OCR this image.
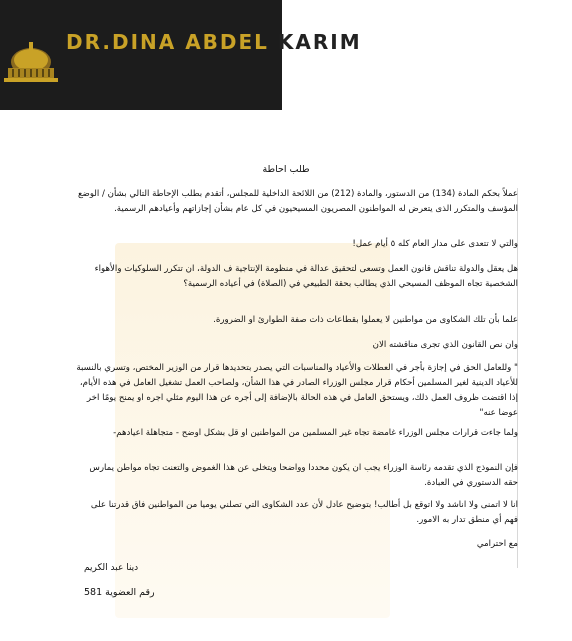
DR.DINA ABDEL KARIM
طلب احاطة
عملاً بحكم المادة (134) من الدستور، والمادة (212) من اللائحة الداخلية للمجلس، أتقدم بطلب الإحاطة التالي بشأن / الوضع المؤسف والمتكرر الذى يتعرض له المواطنون المصريون المسيحيون في كل عام بشأن إجازاتهم وأعيادهم الرسمية.
والتي لا تتعدى على مدار العام كله ٥ أيام عمل!
هل يعقل والدولة تناقش قانون العمل وتسعى لتحقيق عدالة في منظومة الإنتاجية ف الدولة، ان تتكرر السلوكيات والأهواء الشخصية تجاه الموظف المسيحي الذي يطالب بحقة الطبيعي في (الصلاة) في أعياده الرسمية؟
علما بأن تلك الشكاوى من مواطنين لا يعملوا بقطاعات ذات صفة الطوارئ او الضرورة.
وان نص القانون الذي تجرى مناقشته الان
" وللعامل الحق في إجازة بأجر في العطلات والأعياد والمناسبات التي يصدر بتحديدها قرار من الوزير المختص، وتسري بالنسبة للأعياد الدينية لغير المسلمين أحكام قرار مجلس الوزراء الصادر في هذا الشأن، ولصاحب العمل تشغيل العامل في هذه الأيام، إذا اقتضت ظروف العمل ذلك، ويستحق العامل في هذه الحالة بالإضافة إلى أجره عن هذا اليوم مثلي اجره او يمنح يومًا اخر عوضا عنه"
ولما جاءت قرارات مجلس الوزراء غامضة تجاه غير المسلمين من المواطنين او قل بشكل اوضح - متجاهلة اعيادهم-
فإن النموذج الذي تقدمه رئاسة الوزراء يجب ان يكون محددا وواضحا ويتخلى عن هذا الغموض والتعنت تجاه مواطن يمارس حقه الدستوري في العبادة.
انا لا اتمنى ولا اناشد ولا اتوقع بل أطالب! بتوضيح عادل لأن عدد الشكاوى التي تصلني يوميا من المواطنين فاق قدرتنا على فهم أي منطق تدار به الامور.
مع احترامي
دينا عبد الكريم
رقم العضوية 581
